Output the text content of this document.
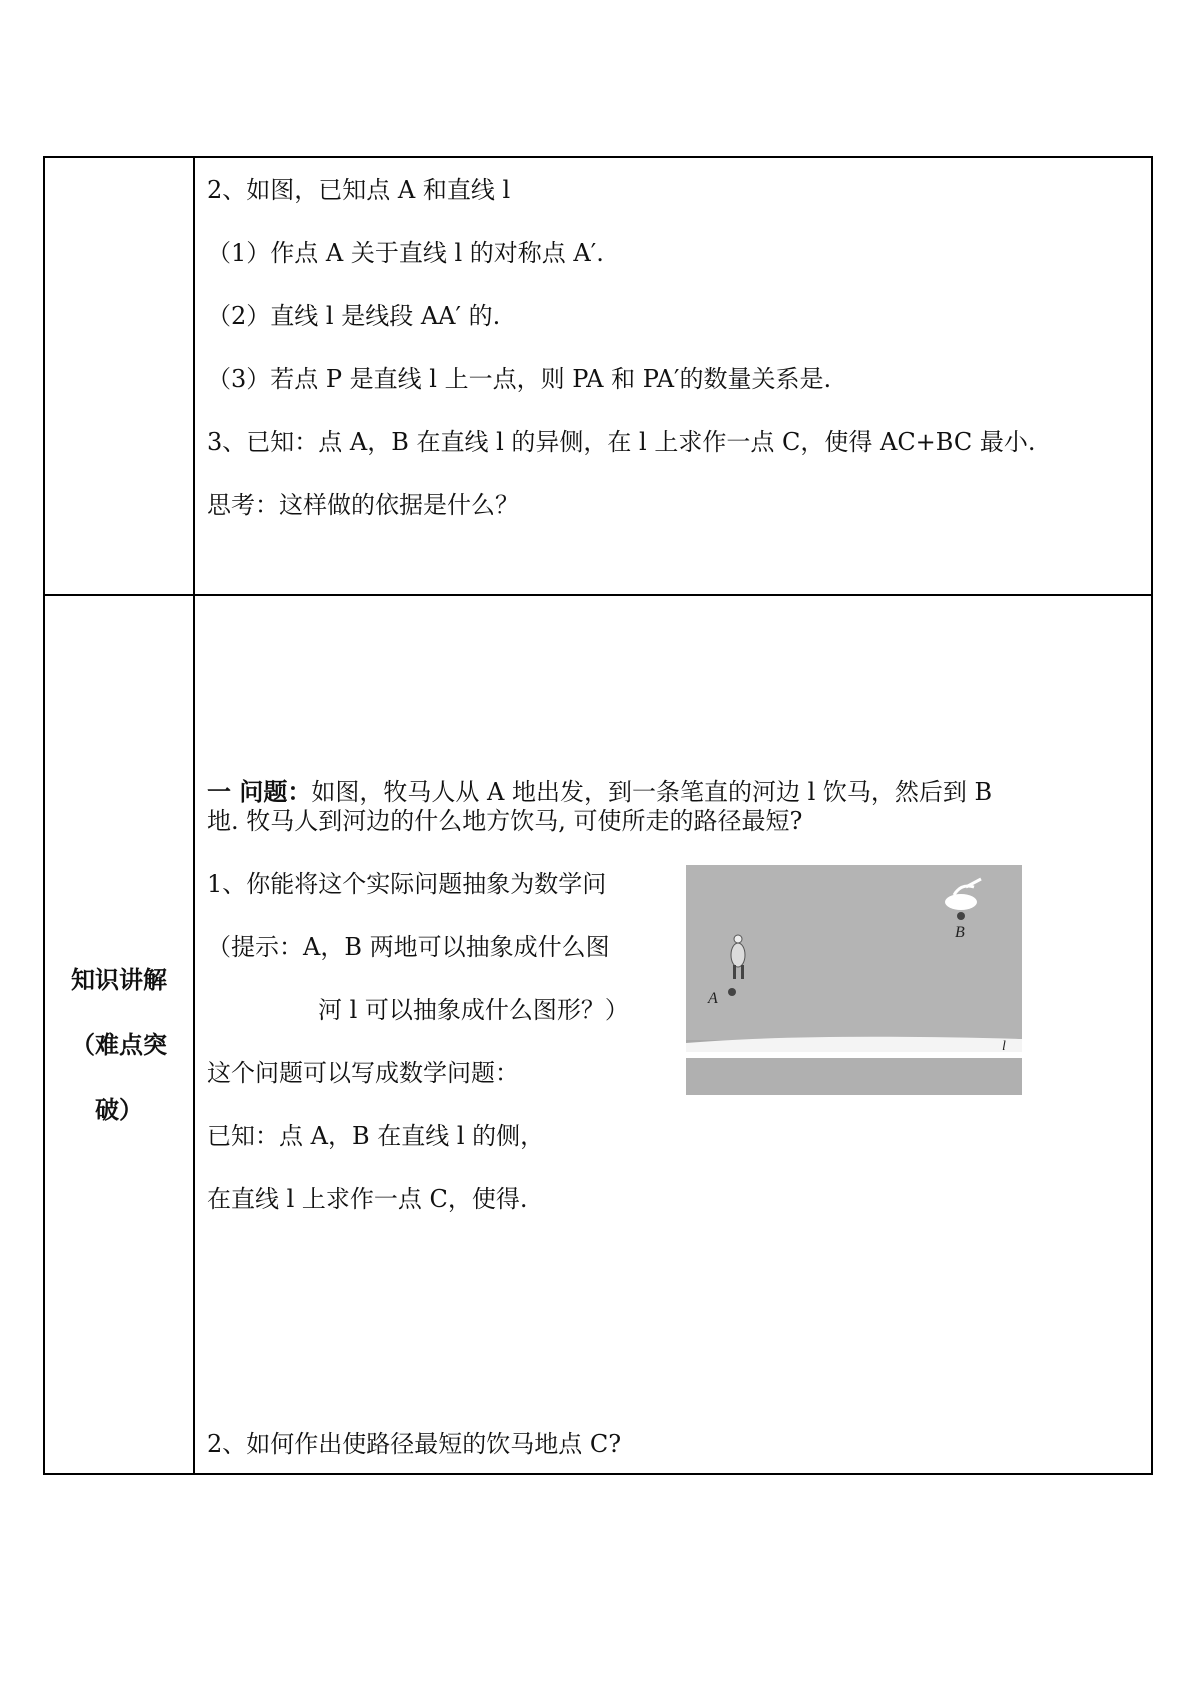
2、如图，已知点 A 和直线 l
（1）作点 A 关于直线 l 的对称点 A′.
（2）直线 l 是线段 AA′ 的.
（3）若点 P 是直线 l 上一点，则 PA 和 PA′的数量关系是.
3、已知：点 A，B 在直线 l 的异侧，在 l 上求作一点 C，使得 AC+BC 最小.
思考：这样做的依据是什么？
知识讲解
（难点突
破）
一 问题：如图，牧马人从 A 地出发，到一条笔直的河边 l 饮马，然后到 B
地. 牧马人到河边的什么地方饮马, 可使所走的路径最短?
1、你能将这个实际问题抽象为数学问
（提示：A，B 两地可以抽象成什么图
河 l 可以抽象成什么图形？）
这个问题可以写成数学问题：
已知：点 A，B 在直线 l 的侧，
在直线 l 上求作一点 C，使得.
2、如何作出使路径最短的饮马地点 C?
l
A
B
